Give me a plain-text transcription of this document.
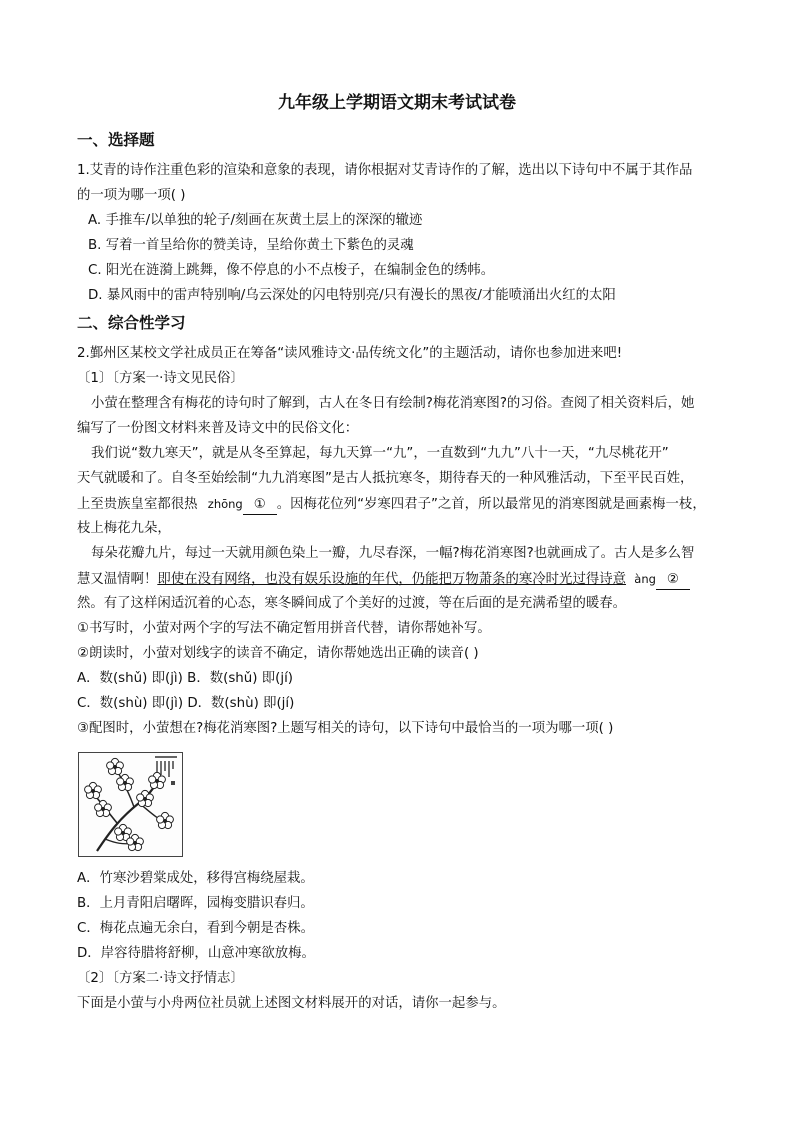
九年级上学期语文期末考试试卷
一、选择题
1.艾青的诗作注重色彩的渲染和意象的表现，请你根据对艾青诗作的了解，选出以下诗句中不属于其作品
的一项为哪一项( )
A. 手推车/以单独的轮子/刻画在灰黄土层上的深深的辙迹
B. 写着一首呈给你的赞美诗，呈给你黄土下紫色的灵魂
C. 阳光在涟漪上跳舞，像不停息的小不点梭子，在编制金色的绣帏。
D. 暴风雨中的雷声特别响/乌云深处的闪电特别亮/只有漫长的黑夜/才能喷涌出火红的太阳
二、综合性学习
2.鄞州区某校文学社成员正在筹备“读风雅诗文·品传统文化”的主题活动，请你也参加进来吧!
〔1〕〔方案一·诗文见民俗〕
小萤在整理含有梅花的诗句时了解到，古人在冬日有绘制?梅花消寒图?的习俗。查阅了相关资料后，她
编写了一份图文材料来普及诗文中的民俗文化：
我们说“数九寒天”，就是从冬至算起，每九天算一“九”，一直数到“九九”八十一天，“九尽桃花开”
天气就暖和了。自冬至始绘制“九九消寒图”是古人抵抗寒冬，期待春天的一种风雅活动，下至平民百姓，
上至贵族皇室都很热 zhōng ① 。因梅花位列“岁寒四君子”之首，所以最常见的消寒图就是画素梅一枝，
枝上梅花九朵，
每朵花瓣九片，每过一天就用颜色染上一瓣，九尽春深，一幅?梅花消寒图?也就画成了。古人是多么智
慧又温情啊！即使在没有网络，也没有娱乐设施的年代，仍能把万物萧条的寒冷时光过得诗意 àng ②
然。有了这样闲适沉着的心态，寒冬瞬间成了个美好的过渡，等在后面的是充满希望的暖春。
①书写时，小萤对两个字的写法不确定暂用拼音代替，请你帮她补写。
②朗读时，小萤对划线字的读音不确定，请你帮她选出正确的读音( )
A．数(shǔ) 即(jì) B．数(shǔ) 即(jí)
C．数(shù) 即(jì) D．数(shù) 即(jí)
③配图时，小萤想在?梅花消寒图?上题写相关的诗句，以下诗句中最恰当的一项为哪一项( )
A．竹寒沙碧棠成处，移得宫梅绕屋栽。
B．上月青阳启曙晖，园梅变腊识春归。
C．梅花点遍无余白，看到今朝是杏株。
D．岸容待腊将舒柳，山意冲寒欲放梅。
〔2〕〔方案二·诗文抒情志〕
下面是小萤与小舟两位社员就上述图文材料展开的对话，请你一起参与。
